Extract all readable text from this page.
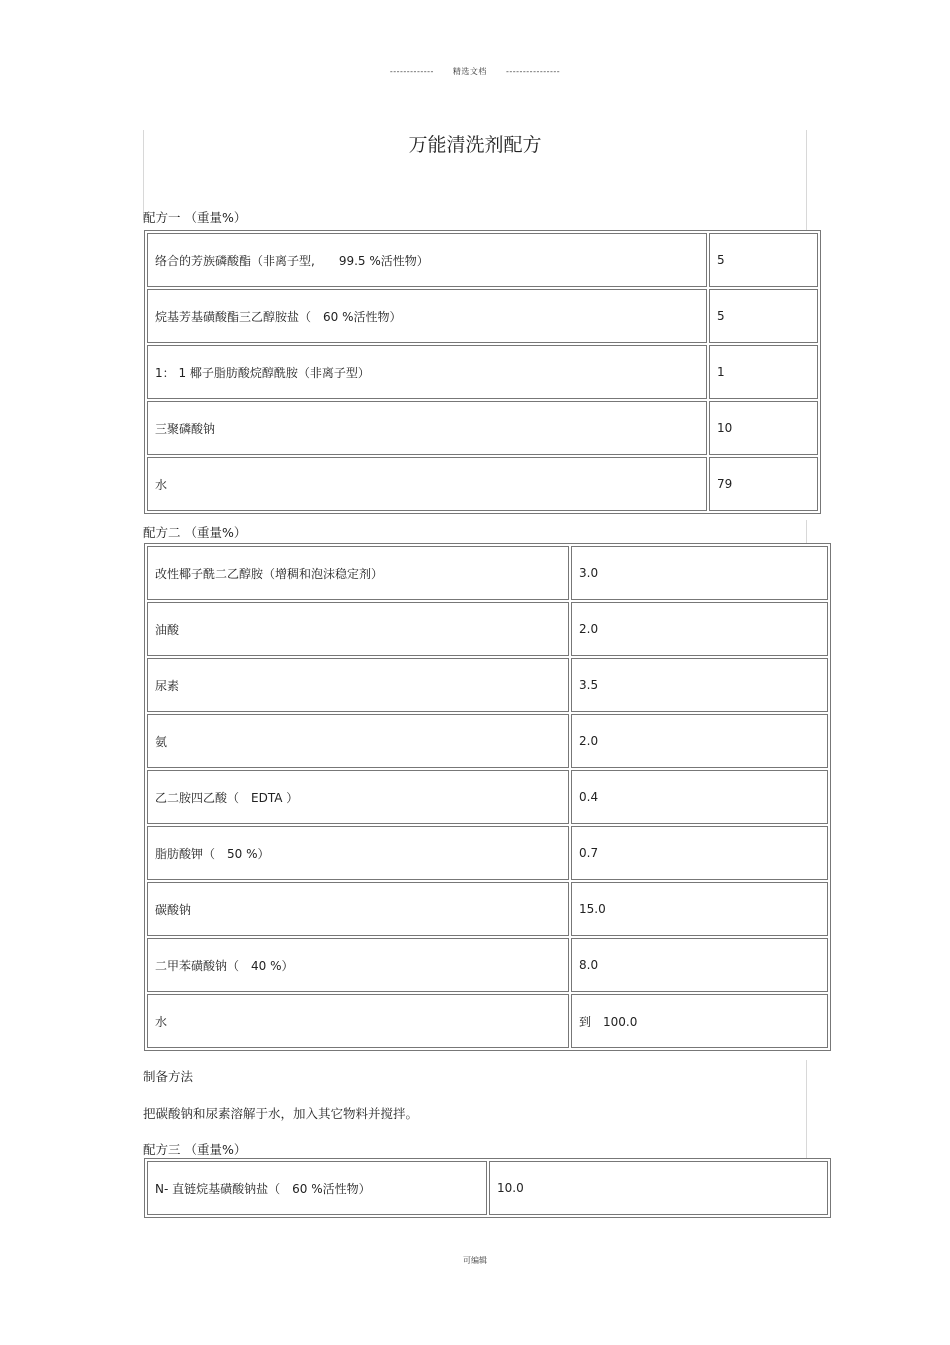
------------- 精选文档 ----------------
万能清洗剂配方
配方一 （重量%）
络合的芳族磷酸酯（非离子型,　　99.5 %活性物）	5
烷基芳基磺酸酯三乙醇胺盐（　60 %活性物）	5
1： 1 椰子脂肪酸烷醇酰胺（非离子型）	1
三聚磷酸钠	10
水	79
配方二 （重量%）
改性椰子酰二乙醇胺（增稠和泡沫稳定剂）	3.0
油酸	2.0
尿素	3.5
氨	2.0
乙二胺四乙酸（　EDTA ）	0.4
脂肪酸钾（　50 %）	0.7
碳酸钠	15.0
二甲苯磺酸钠（　40 %）	8.0
水	到　100.0
制备方法
把碳酸钠和尿素溶解于水，加入其它物料并搅拌。
配方三 （重量%）
N- 直链烷基磺酸钠盐（　60 %活性物）	10.0
可编辑
